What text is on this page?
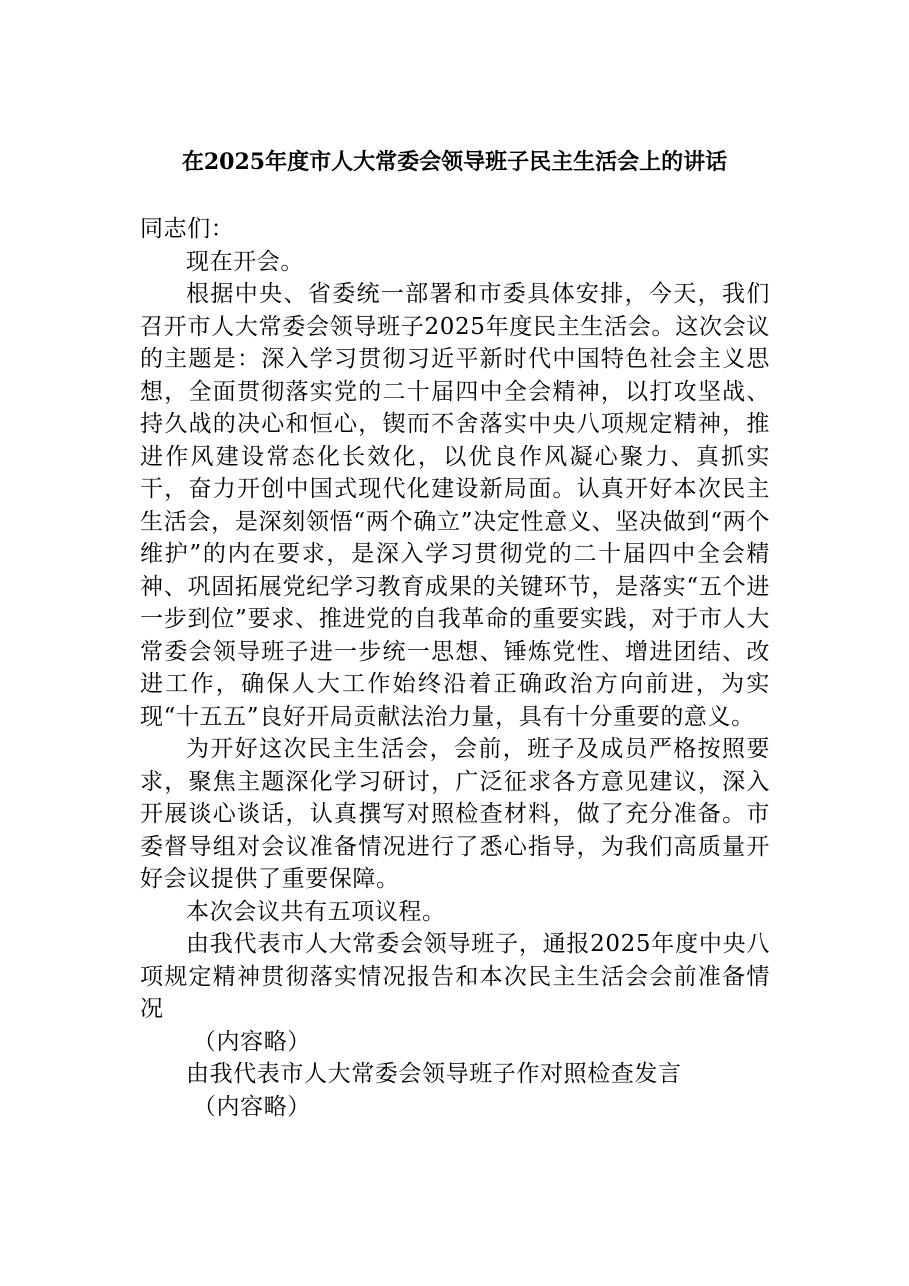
在2025年度市人大常委会领导班子民主生活会上的讲话

同志们：

现在开会。

根据中央、省委统一部署和市委具体安排，今天，我们召开市人大常委会领导班子2025年度民主生活会。这次会议的主题是：深入学习贯彻习近平新时代中国特色社会主义思想，全面贯彻落实党的二十届四中全会精神，以打攻坚战、持久战的决心和恒心，锲而不舍落实中央八项规定精神，推进作风建设常态化长效化，以优良作风凝心聚力、真抓实干，奋力开创中国式现代化建设新局面。认真开好本次民主生活会，是深刻领悟“两个确立”决定性意义、坚决做到“两个维护”的内在要求，是深入学习贯彻党的二十届四中全会精神、巩固拓展党纪学习教育成果的关键环节，是落实“五个进一步到位”要求、推进党的自我革命的重要实践，对于市人大常委会领导班子进一步统一思想、锤炼党性、增进团结、改进工作，确保人大工作始终沿着正确政治方向前进，为实现“十五五”良好开局贡献法治力量，具有十分重要的意义。

为开好这次民主生活会，会前，班子及成员严格按照要求，聚焦主题深化学习研讨，广泛征求各方意见建议，深入开展谈心谈话，认真撰写对照检查材料，做了充分准备。市委督导组对会议准备情况进行了悉心指导，为我们高质量开好会议提供了重要保障。

本次会议共有五项议程。

由我代表市人大常委会领导班子，通报2025年度中央八项规定精神贯彻落实情况报告和本次民主生活会会前准备情况

（内容略）

由我代表市人大常委会领导班子作对照检查发言

（内容略）
